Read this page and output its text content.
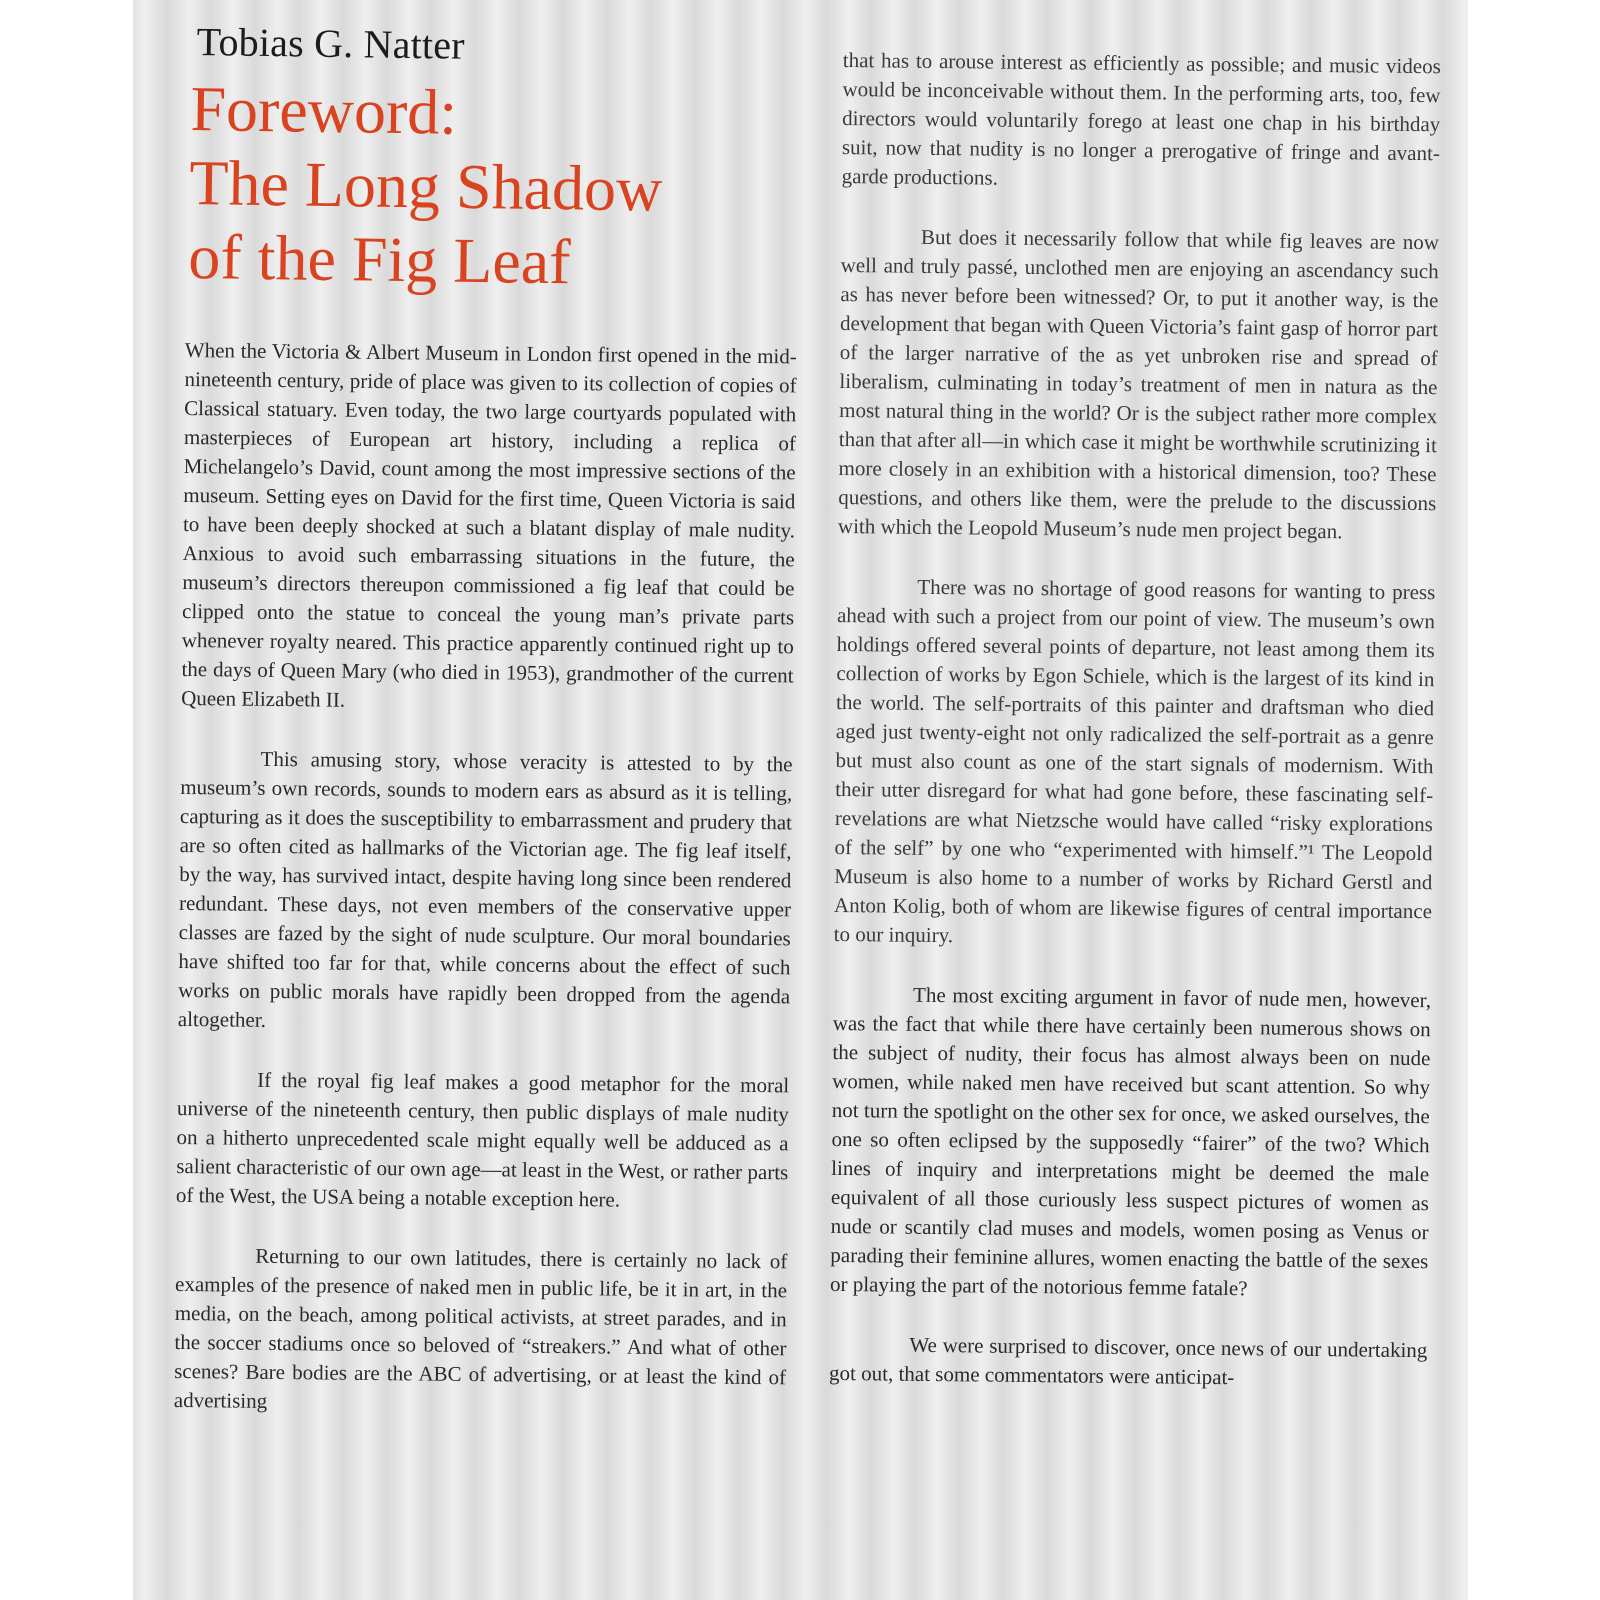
Tobias G. Natter
Foreword:
The Long Shadow
of the Fig Leaf

When the Victoria & Albert Museum in London first opened in the mid-nineteenth century, pride of place was given to its collection of copies of Classical statuary. Even today, the two large courtyards populated with masterpieces of European art history, including a replica of Michelangelo’s David, count among the most impressive sections of the museum. Setting eyes on David for the first time, Queen Victoria is said to have been deeply shocked at such a blatant display of male nudity. Anxious to avoid such embarrassing situations in the future, the museum’s directors thereupon commissioned a fig leaf that could be clipped onto the statue to conceal the young man’s private parts whenever royalty neared. This practice apparently continued right up to the days of Queen Mary (who died in 1953), grandmother of the current Queen Elizabeth II.

This amusing story, whose veracity is attested to by the museum’s own records, sounds to modern ears as absurd as it is telling, capturing as it does the susceptibility to embarrassment and prudery that are so often cited as hallmarks of the Victorian age. The fig leaf itself, by the way, has survived intact, despite having long since been rendered redundant. These days, not even members of the conservative upper classes are fazed by the sight of nude sculpture. Our moral boundaries have shifted too far for that, while concerns about the effect of such works on public morals have rapidly been dropped from the agenda altogether.

If the royal fig leaf makes a good metaphor for the moral universe of the nineteenth century, then public displays of male nudity on a hitherto unprecedented scale might equally well be adduced as a salient characteristic of our own age—at least in the West, or rather parts of the West, the USA being a notable exception here.

Returning to our own latitudes, there is certainly no lack of examples of the presence of naked men in public life, be it in art, in the media, on the beach, among political activists, at street parades, and in the soccer stadiums once so beloved of “streakers.” And what of other scenes? Bare bodies are the ABC of advertising, or at least the kind of advertising

that has to arouse interest as efficiently as possible; and music videos would be inconceivable without them. In the performing arts, too, few directors would voluntarily forego at least one chap in his birthday suit, now that nudity is no longer a prerogative of fringe and avant-garde productions.

But does it necessarily follow that while fig leaves are now well and truly passé, unclothed men are enjoying an ascendancy such as has never before been witnessed? Or, to put it another way, is the development that began with Queen Victoria’s faint gasp of horror part of the larger narrative of the as yet unbroken rise and spread of liberalism, culminating in today’s treatment of men in natura as the most natural thing in the world? Or is the subject rather more complex than that after all—in which case it might be worthwhile scrutinizing it more closely in an exhibition with a historical dimension, too? These questions, and others like them, were the prelude to the discussions with which the Leopold Museum’s nude men project began.

There was no shortage of good reasons for wanting to press ahead with such a project from our point of view. The museum’s own holdings offered several points of departure, not least among them its collection of works by Egon Schiele, which is the largest of its kind in the world. The self-portraits of this painter and draftsman who died aged just twenty-eight not only radicalized the self-portrait as a genre but must also count as one of the start signals of modernism. With their utter disregard for what had gone before, these fascinating self-revelations are what Nietzsche would have called “risky explorations of the self” by one who “experimented with himself.”¹ The Leopold Museum is also home to a number of works by Richard Gerstl and Anton Kolig, both of whom are likewise figures of central importance to our inquiry.

The most exciting argument in favor of nude men, however, was the fact that while there have certainly been numerous shows on the subject of nudity, their focus has almost always been on nude women, while naked men have received but scant attention. So why not turn the spotlight on the other sex for once, we asked ourselves, the one so often eclipsed by the supposedly “fairer” of the two? Which lines of inquiry and interpretations might be deemed the male equivalent of all those curiously less suspect pictures of women as nude or scantily clad muses and models, women posing as Venus or parading their feminine allures, women enacting the battle of the sexes or playing the part of the notorious femme fatale?

We were surprised to discover, once news of our undertaking got out, that some commentators were anticipat-
